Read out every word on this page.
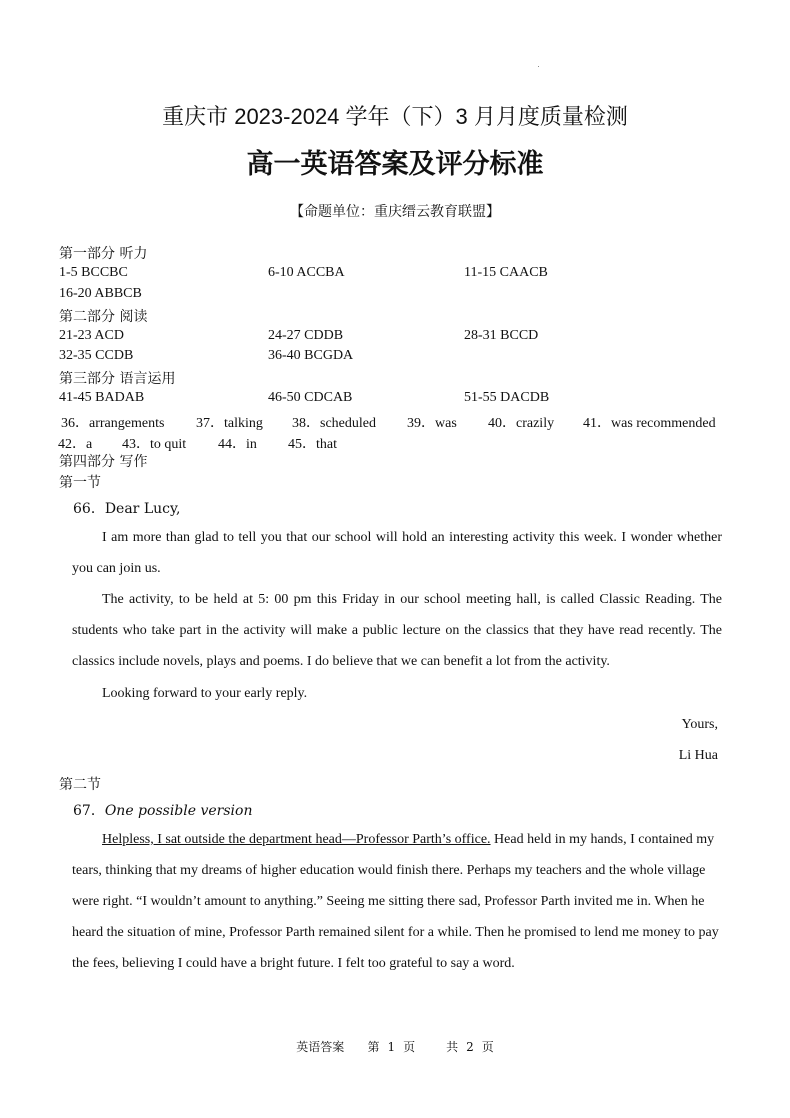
重庆市 2023-2024 学年（下）3 月月度质量检测
高一英语答案及评分标准
【命题单位：重庆缙云教育联盟】
第一部分 听力
1-5 BCCBC	6-10 ACCBA	11-15 CAACB
16-20 ABBCB
第二部分 阅读
21-23 ACD	24-27 CDDB	28-31 BCCD
32-35 CCDB	36-40 BCGDA
第三部分 语言运用
41-45 BADAB	46-50 CDCAB	51-55 DACDB
36．arrangements 37．talking 38．scheduled 39．was 40．crazily 41．was recommended
42．a 43．to quit 44．in 45．that
第四部分 写作
第一节
66．Dear Lucy,
I am more than glad to tell you that our school will hold an interesting activity this week. I wonder whether you can join us.
The activity, to be held at 5: 00 pm this Friday in our school meeting hall, is called Classic Reading. The students who take part in the activity will make a public lecture on the classics that they have read recently. The classics include novels, plays and poems. I do believe that we can benefit a lot from the activity.
Looking forward to your early reply.
Yours,
Li Hua
第二节
67．One possible version
Helpless, I sat outside the department head—Professor Parth’s office. Head held in my hands, I contained my tears, thinking that my dreams of higher education would finish there. Perhaps my teachers and the whole village were right. “I wouldn’t amount to anything.” Seeing me sitting there sad, Professor Parth invited me in. When he heard the situation of mine, Professor Parth remained silent for a while. Then he promised to lend me money to pay the fees, believing I could have a bright future. I felt too grateful to say a word.
英语答案 第 1 页	共 2 页
